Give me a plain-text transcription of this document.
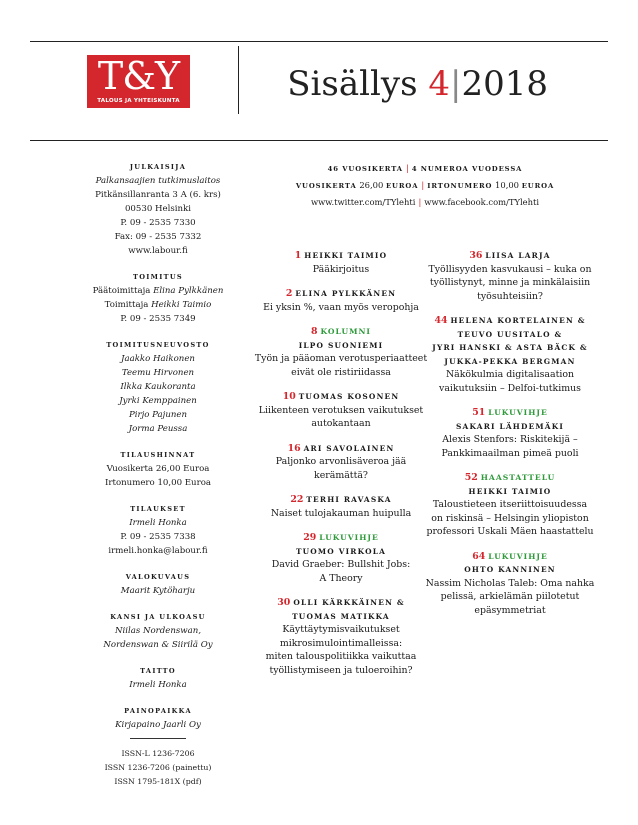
T&Y
TALOUS JA YHTEISKUNTA	Sisällys 4|2018
JULKAISIJA
Palkansaajien tutkimuslaitos
Pitkänsillanranta 3 A (6. krs)
00530 Helsinki
P. 09 - 2535 7330
Fax: 09 - 2535 7332
www.labour.fi
TOIMITUS
Päätoimittaja Elina Pylkkänen
Toimittaja Heikki Taimio
P. 09 - 2535 7349
TOIMITUSNEUVOSTO
Jaakko Haikonen
Teemu Hirvonen
Ilkka Kaukoranta
Jyrki Kemppainen
Pirjo Pajunen
Jorma Peussa
TILAUSHINNAT
Vuosikerta 26,00 Euroa
Irtonumero 10,00 Euroa
TILAUKSET
Irmeli Honka
P. 09 - 2535 7338
irmeli.honka@labour.fi
VALOKUVAUS
Maarit Kytöharju
KANSI JA ULKOASU
Niilas Nordenswan,
Nordenswan & Siirilä Oy
TAITTO
Irmeli Honka
PAINOPAIKKA
Kirjapaino Jaarli Oy
ISSN-L 1236-7206
ISSN 1236-7206 (painettu)
ISSN 1795-181X (pdf)
46 VUOSIKERTA | 4 NUMEROA VUODESSA
VUOSIKERTA 26,00 EUROA | IRTONUMERO 10,00 EUROA
www.twitter.com/TYlehti | www.facebook.com/TYlehti
1 HEIKKI TAIMIO
Pääkirjoitus
2 ELINA PYLKKÄNEN
Ei yksin %, vaan myös veropohja
8 KOLUMNI
ILPO SUONIEMI
Työn ja pääoman verotusperiaatteet
eivät ole ristiriidassa
10 TUOMAS KOSONEN
Liikenteen verotuksen vaikutukset
autokantaan
16 ARI SAVOLAINEN
Paljonko arvonlisäveroa jää
kerämättä?
22 TERHI RAVASKA
Naiset tulojakauman huipulla
29 LUKUVIHJE
TUOMO VIRKOLA
David Graeber: Bullshit Jobs:
A Theory
30 OLLI KÄRKKÄINEN &
TUOMAS MATIKKA
Käyttäytymisvaikutukset
mikrosimulointimalleissa:
miten talouspolitiikka vaikuttaa
työllistymiseen ja tuloeroihin?
36 LIISA LARJA
Työllisyyden kasvukausi – kuka on
työllistynyt, minne ja minkälaisiin
työsuhteisiin?
44 HELENA KORTELAINEN &
TEUVO UUSITALO &
JYRI HANSKI & ASTA BÄCK &
JUKKA-PEKKA BERGMAN
Näkökulmia digitalisaation
vaikutuksiin – Delfoi-tutkimus
51 LUKUVIHJE
SAKARI LÄHDEMÄKI
Alexis Stenfors: Riskitekijä –
Pankkimaailman pimeä puoli
52 HAASTATTELU
HEIKKI TAIMIO
Taloustieteen itseriittoisuudessa
on riskinsä – Helsingin yliopiston
professori Uskali Mäen haastattelu
64 LUKUVIHJE
OHTO KANNINEN
Nassim Nicholas Taleb: Oma nahka
pelissä, arkielämän piilotetut
epäsymmetriat
